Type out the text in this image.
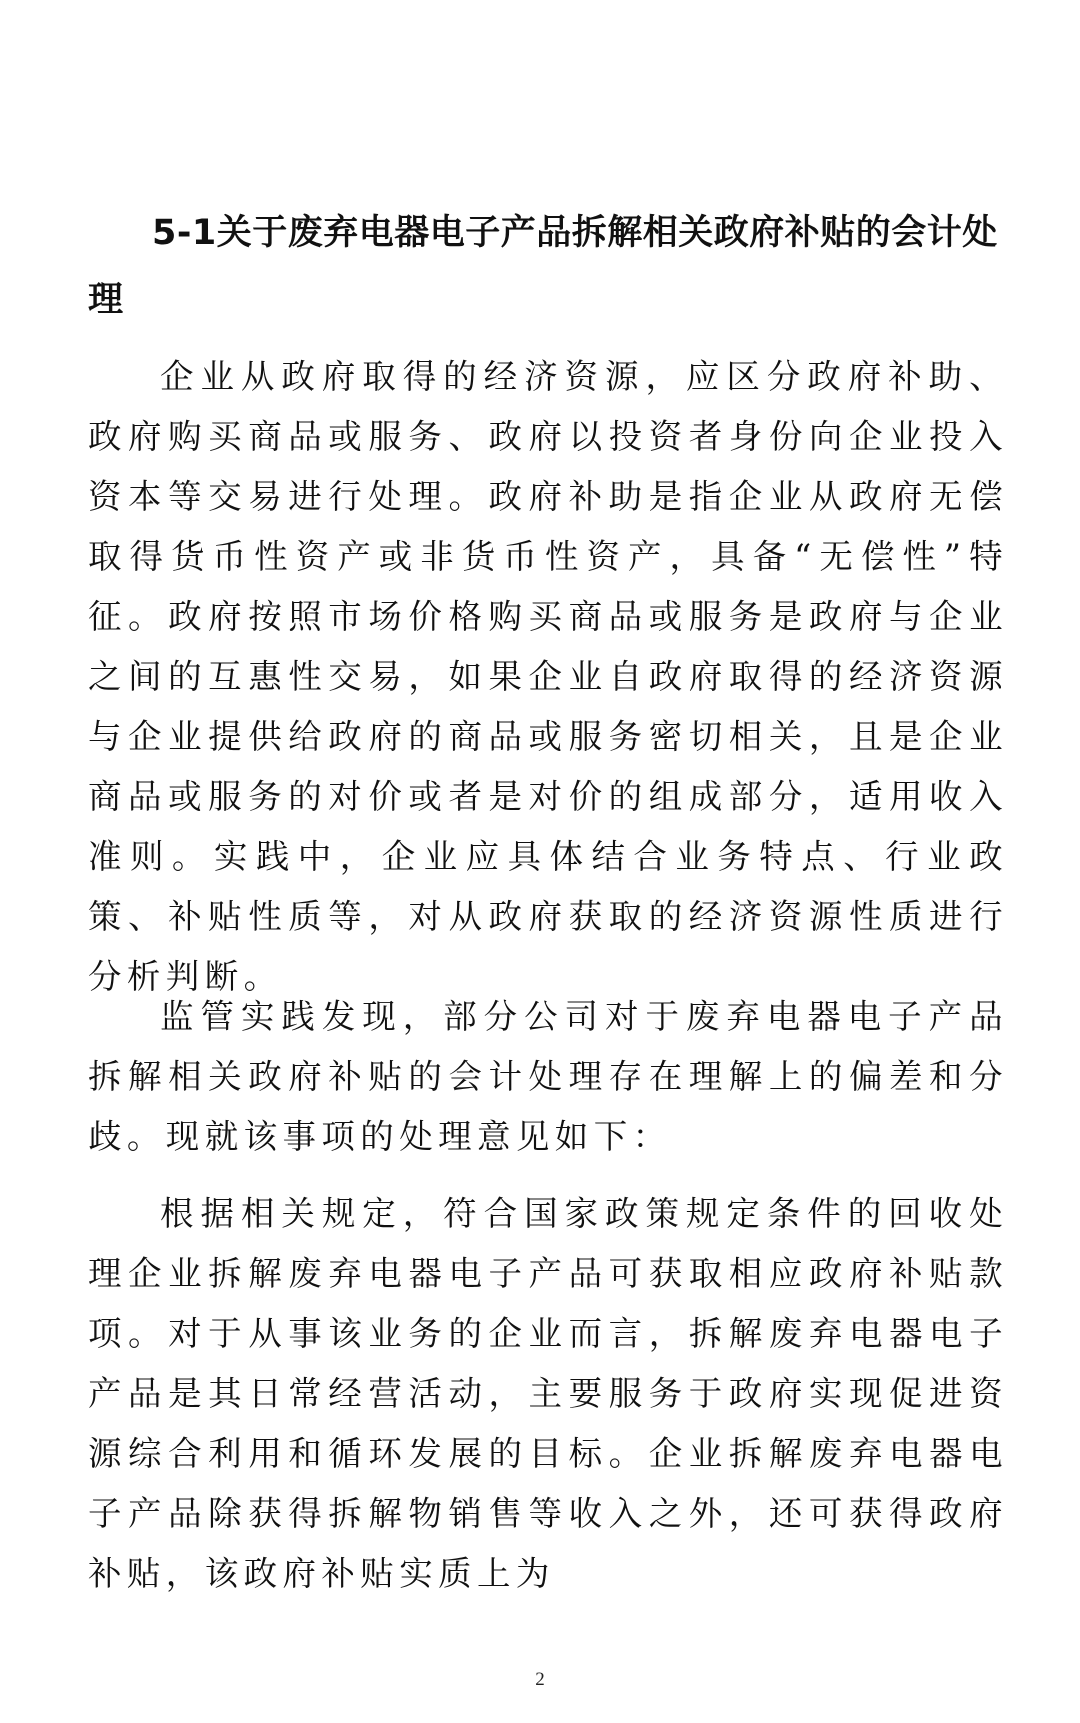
5-1关于废弃电器电子产品拆解相关政府补贴的会计处理

企业从政府取得的经济资源，应区分政府补助、政府购买商品或服务、政府以投资者身份向企业投入资本等交易进行处理。政府补助是指企业从政府无偿取得货币性资产或非货币性资产，具备“无偿性”特征。政府按照市场价格购买商品或服务是政府与企业之间的互惠性交易，如果企业自政府取得的经济资源与企业提供给政府的商品或服务密切相关，且是企业商品或服务的对价或者是对价的组成部分，适用收入准则。实践中，企业应具体结合业务特点、行业政策、补贴性质等，对从政府获取的经济资源性质进行分析判断。

监管实践发现，部分公司对于废弃电器电子产品拆解相关政府补贴的会计处理存在理解上的偏差和分歧。现就该事项的处理意见如下：

根据相关规定，符合国家政策规定条件的回收处理企业拆解废弃电器电子产品可获取相应政府补贴款项。对于从事该业务的企业而言，拆解废弃电器电子产品是其日常经营活动，主要服务于政府实现促进资源综合利用和循环发展的目标。企业拆解废弃电器电子产品除获得拆解物销售等收入之外，还可获得政府补贴，该政府补贴实质上为

2
